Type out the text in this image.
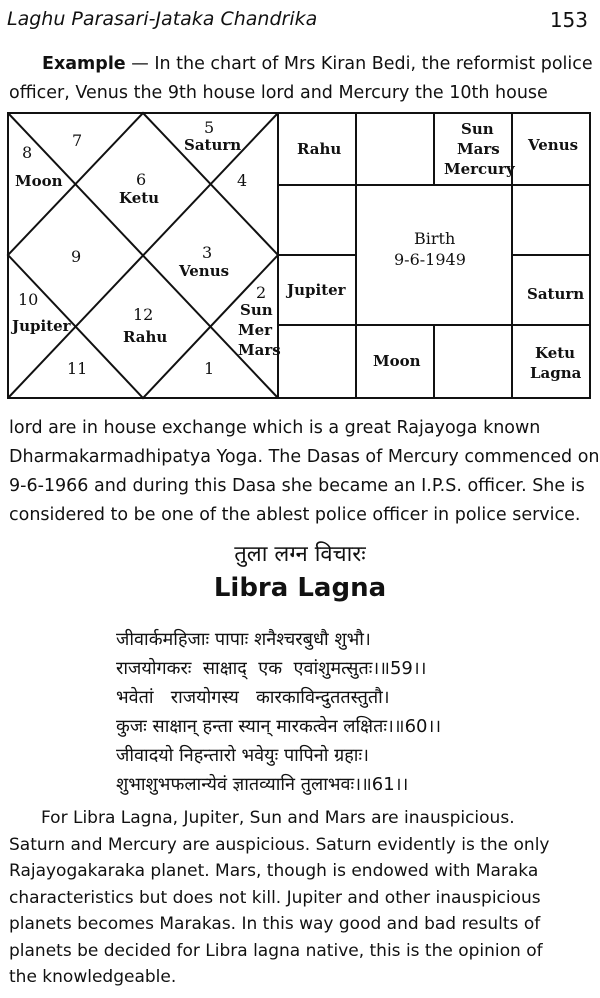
Laghu Parasari-Jataka Chandrika	153
Example — In the chart of Mrs Kiran Bedi, the reformist police
officer, Venus the 9th house lord and Mercury the 10th house
8
7
5
Saturn
Moon	6
Ketu
4
9	3
Venus
10
Jupiter
12
Rahu
2
Sun
Mer
Mars
11	1
Rahu
Sun
Mars
Mercury
Venus
Birth
9-6-1949
Jupiter	Saturn
Moon	Ketu
Lagna
lord are in house exchange which is a great Rajayoga known
Dharmakarmadhipatya Yoga. The Dasas of Mercury commenced on
9-6-1966 and during this Dasa she became an I.P.S. officer. She is
considered to be one of the ablest police officer in police service.
तुला लग्न विचारः
Libra Lagna
जीवार्कमहिजाः पापाः शनैश्चरबुधौ शुभौ।
राजयोगकरः  साक्षाद्  एक  एवांशुमत्सुतः।॥59।।
भवेतां   राजयोगस्य   कारकाविन्दुततस्तुतौ।
कुजः साक्षान् हन्ता स्यान् मारकत्वेन लक्षितः।॥60।।
जीवादयो निहन्तारो भवेयुः पापिनो ग्रहाः।
शुभाशुभफलान्येवं ज्ञातव्यानि तुलाभवः।॥61।।
For Libra Lagna, Jupiter, Sun and Mars are inauspicious.
Saturn and Mercury are auspicious. Saturn evidently is the only
Rajayogakaraka planet. Mars, though is endowed with Maraka
characteristics but does not kill. Jupiter and other inauspicious
planets becomes Marakas. In this way good and bad results of
planets be decided for Libra lagna native, this is the opinion of
the knowledgeable.
